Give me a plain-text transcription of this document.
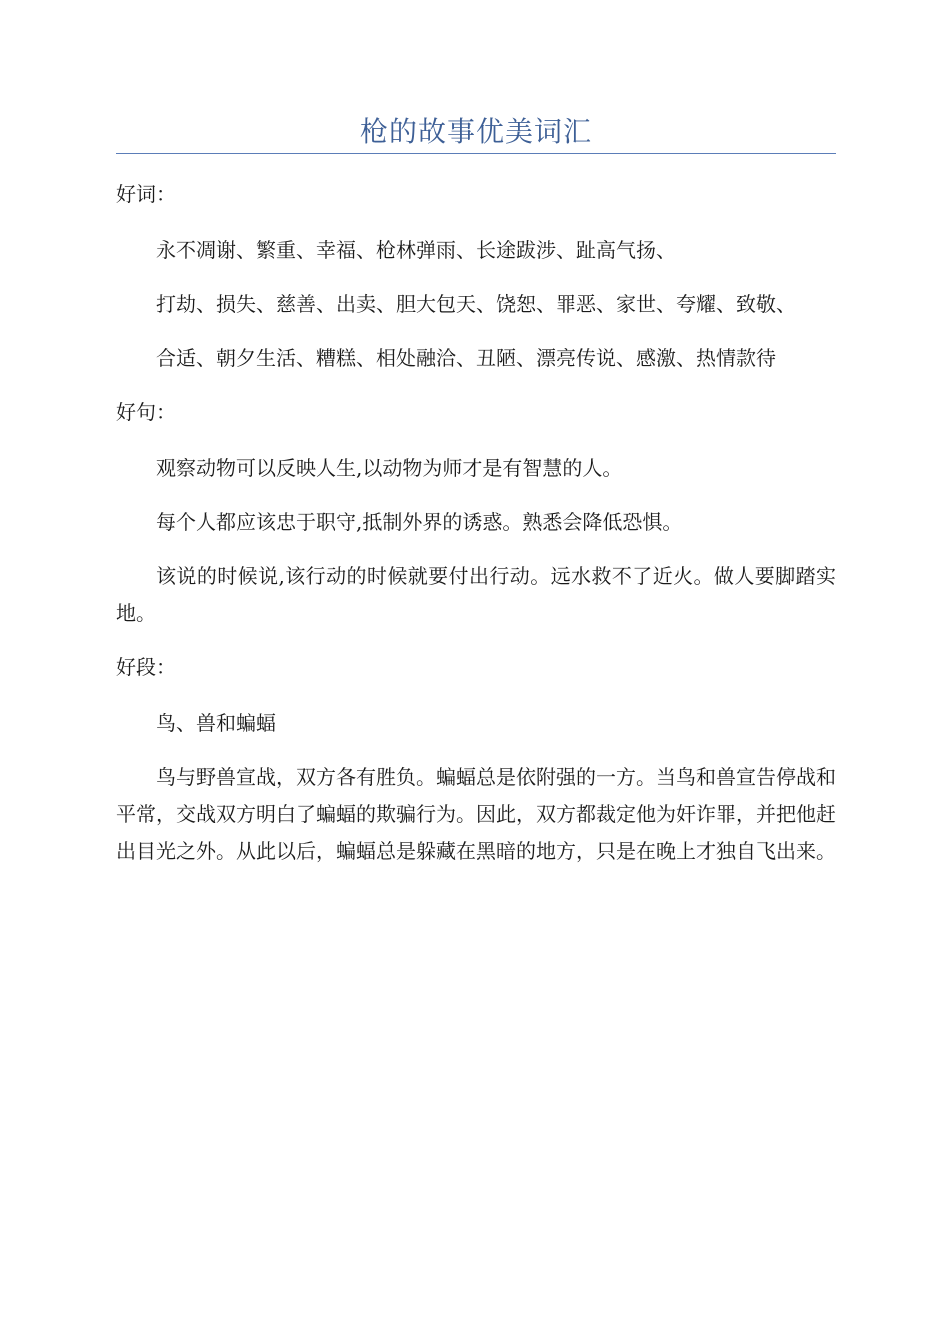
枪的故事优美词汇
好词：

永不凋谢、繁重、幸福、枪林弹雨、长途跋涉、趾高气扬、

打劫、损失、慈善、出卖、胆大包天、饶恕、罪恶、家世、夸耀、致敬、

合适、朝夕生活、糟糕、相处融洽、丑陋、漂亮传说、感激、热情款待

好句：

观察动物可以反映人生,以动物为师才是有智慧的人。

每个人都应该忠于职守,抵制外界的诱惑。熟悉会降低恐惧。

该说的时候说,该行动的时候就要付出行动。远水救不了近火。做人要脚踏实地。

好段：

鸟、兽和蝙蝠

鸟与野兽宣战，双方各有胜负。蝙蝠总是依附强的一方。当鸟和兽宣告停战和平常，交战双方明白了蝙蝠的欺骗行为。因此，双方都裁定他为奸诈罪，并把他赶出目光之外。从此以后，蝙蝠总是躲藏在黑暗的地方，只是在晚上才独自飞出来。
